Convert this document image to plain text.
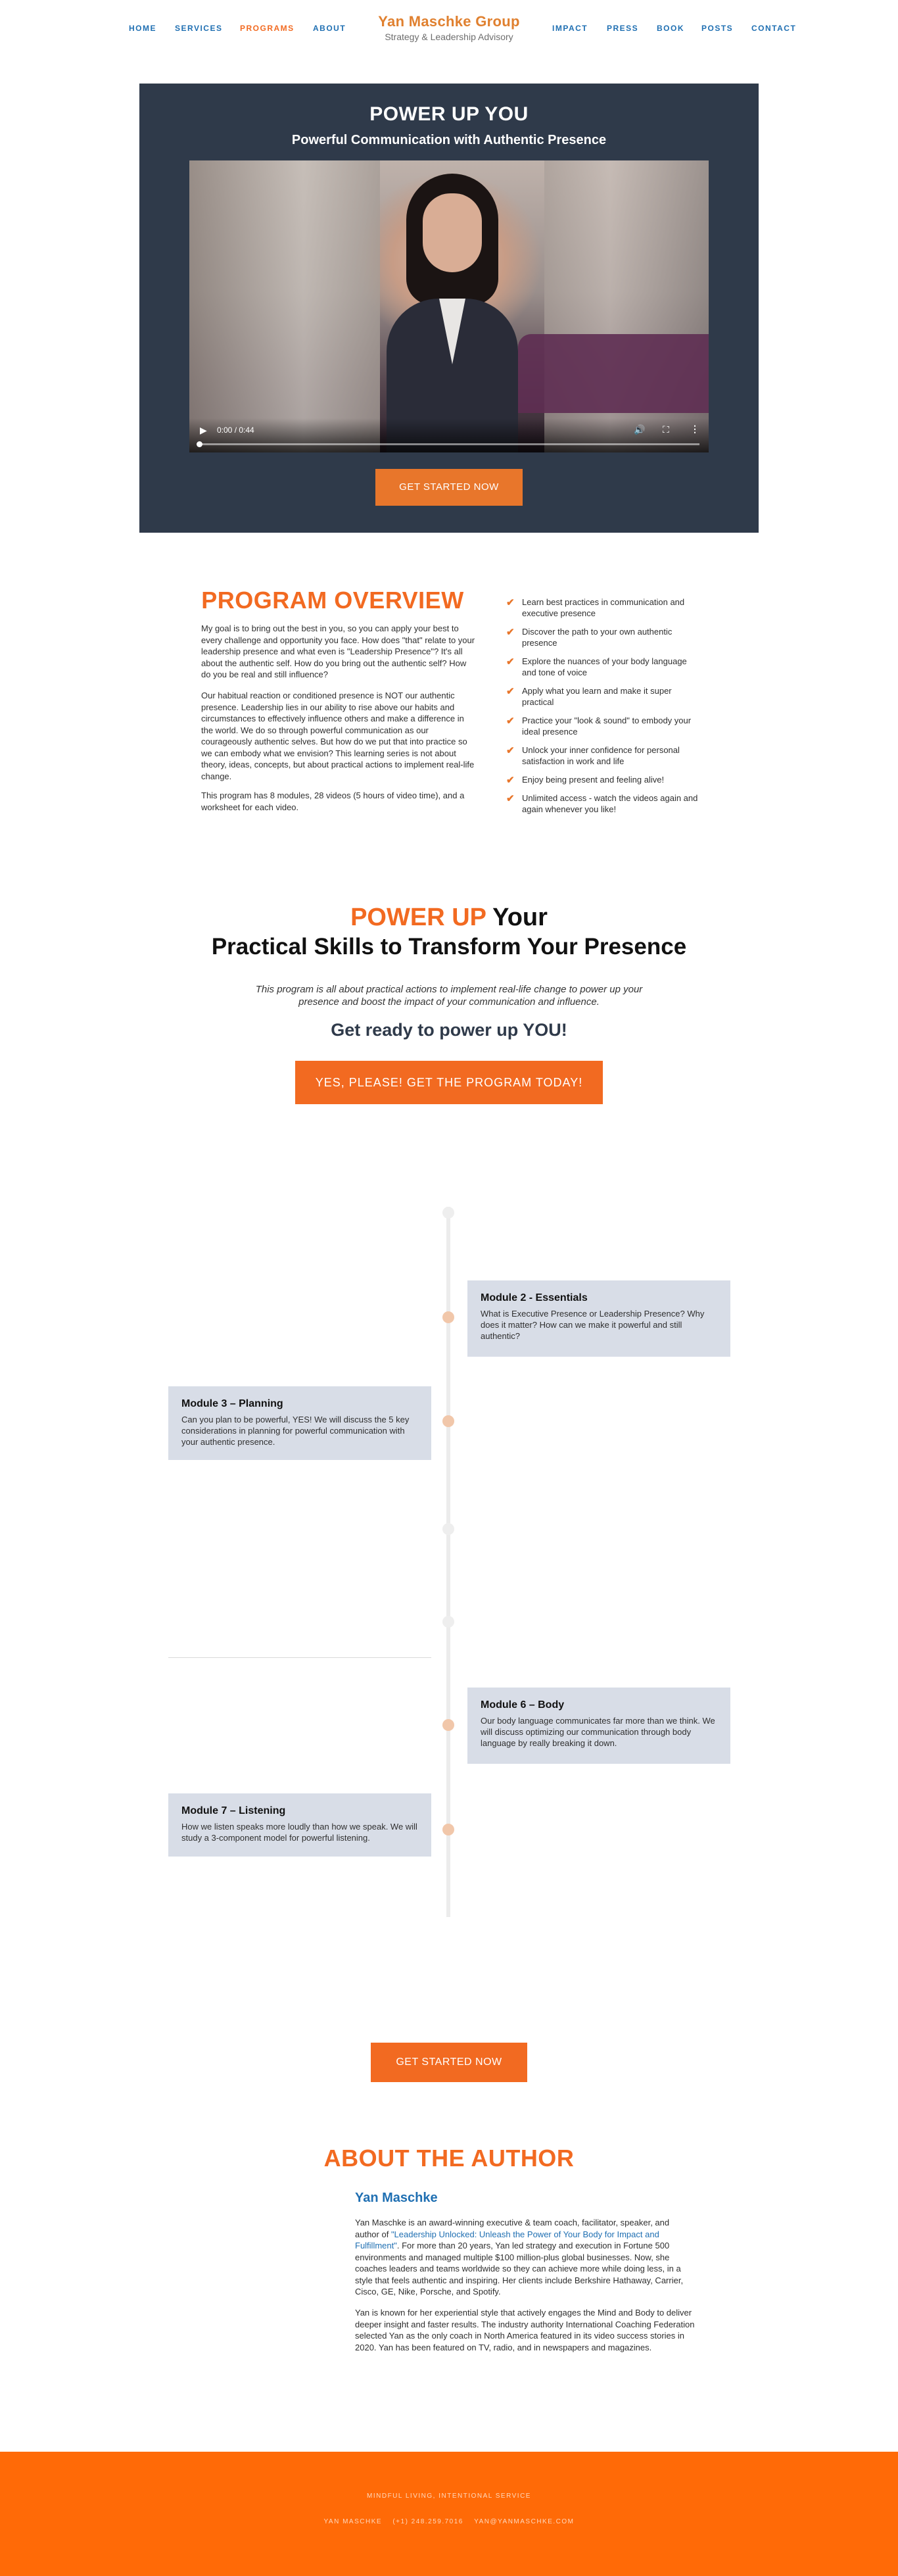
HOME SERVICES PROGRAMS ABOUT	Yan Maschke Group
Strategy & Leadership Advisory
IMPACT PRESS BOOK POSTS CONTACT
POWER UP YOU
Powerful Communication with Authentic Presence
▶ 0:00 / 0:44	🔊 ⛶ ⋮
GET STARTED NOW
PROGRAM OVERVIEW

My goal is to bring out the best in you, so you can apply your best to every challenge and opportunity you face. How does "that" relate to your leadership presence and what even is "Leadership Presence"? It's all about the authentic self. How do you bring out the authentic self? How do you be real and still influence?

Our habitual reaction or conditioned presence is NOT our authentic presence. Leadership lies in our ability to rise above our habits and circumstances to effectively influence others and make a difference in the world. We do so through powerful communication as our courageously authentic selves. But how do we put that into practice so we can embody what we envision? This learning series is not about theory, ideas, concepts, but about practical actions to implement real-life change.

This program has 8 modules, 28 videos (5 hours of video time), and a worksheet for each video.

✔ Learn best practices in communication and executive presence
✔ Discover the path to your own authentic presence
✔ Explore the nuances of your body language and tone of voice
✔ Apply what you learn and make it super practical
✔ Practice your "look & sound" to embody your ideal presence
✔ Unlock your inner confidence for personal satisfaction in work and life
✔ Enjoy being present and feeling alive!
✔ Unlimited access - watch the videos again and again whenever you like!
POWER UP Your
Practical Skills to Transform Your Presence

This program is all about practical actions to implement real-life change to power up your presence and boost the impact of your communication and influence.

Get ready to power up YOU!
YES, PLEASE! GET THE PROGRAM TODAY!
Module 2 - Essentials
What is Executive Presence or Leadership Presence? Why does it matter? How can we make it powerful and still authentic?
Module 3 – Planning
Can you plan to be powerful, YES! We will discuss the 5 key considerations in planning for powerful communication with your authentic presence.
Module 6 – Body
Our body language communicates far more than we think. We will discuss optimizing our communication through body language by really breaking it down.
Module 7 – Listening
How we listen speaks more loudly than how we speak. We will study a 3-component model for powerful listening.
GET STARTED NOW
ABOUT THE AUTHOR
Yan Maschke

Yan Maschke is an award-winning executive & team coach, facilitator, speaker, and author of "Leadership Unlocked: Unleash the Power of Your Body for Impact and Fulfillment". For more than 20 years, Yan led strategy and execution in Fortune 500 environments and managed multiple $100 million-plus global businesses. Now, she coaches leaders and teams worldwide so they can achieve more while doing less, in a style that feels authentic and inspiring. Her clients include Berkshire Hathaway, Carrier, Cisco, GE, Nike, Porsche, and Spotify.

Yan is known for her experiential style that actively engages the Mind and Body to deliver deeper insight and faster results. The industry authority International Coaching Federation selected Yan as the only coach in North America featured in its video success stories in 2020. Yan has been featured on TV, radio, and in newspapers and magazines.

MINDFUL LIVING, INTENTIONAL SERVICE
YAN MASCHKE (+1) 248.259.7016 YAN@YANMASCHKE.COM
